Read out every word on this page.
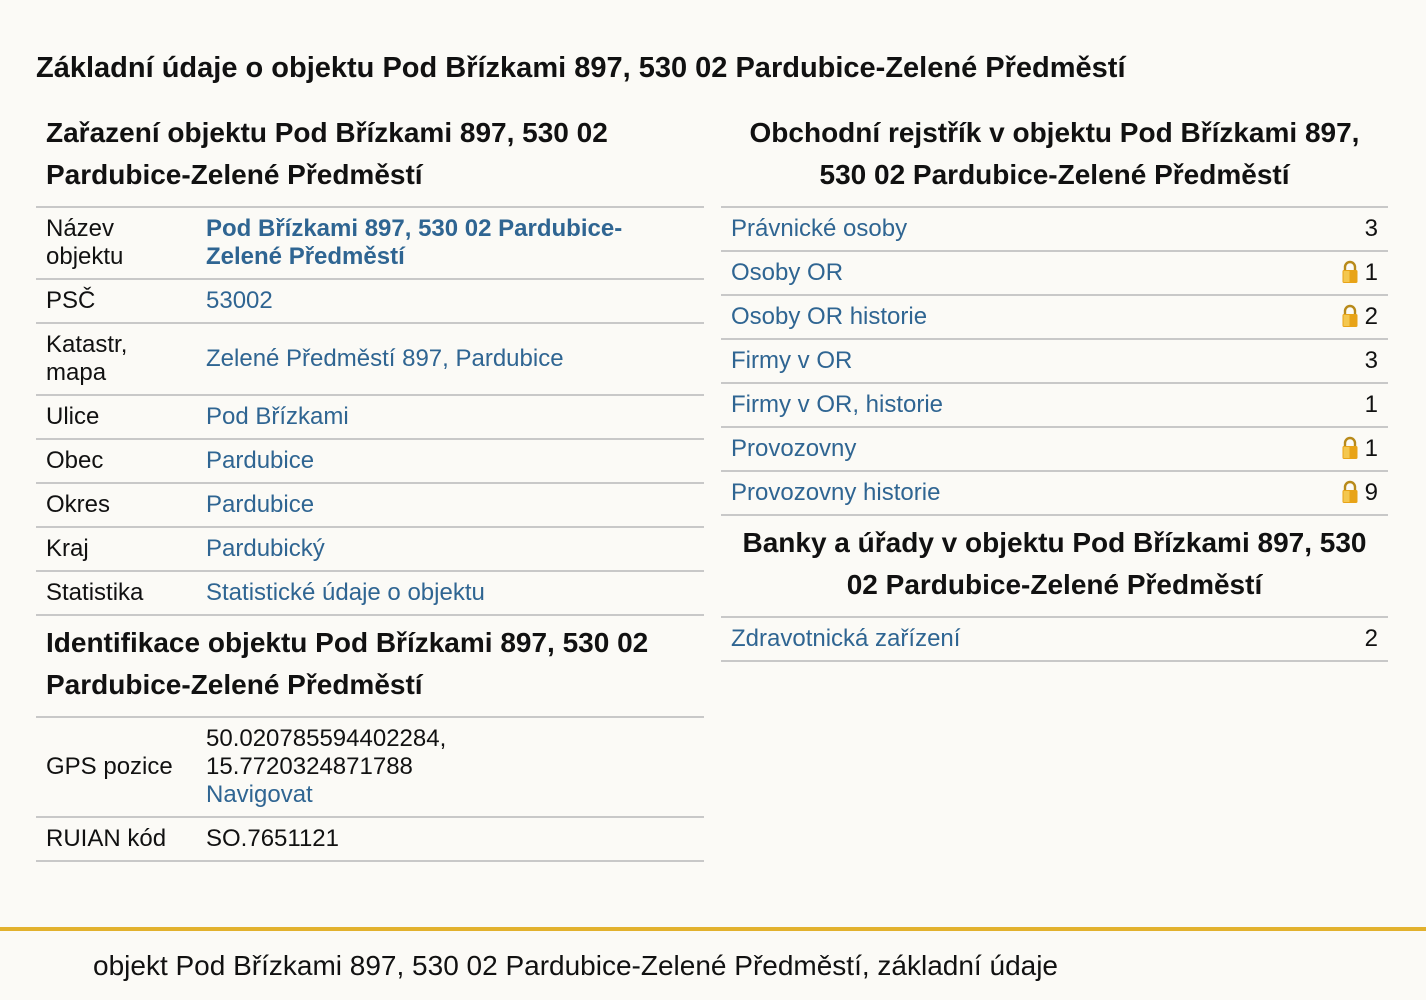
Základní údaje o objektu Pod Břízkami 897, 530 02 Pardubice-Zelené Předměstí
Zařazení objektu Pod Břízkami 897, 530 02 Pardubice-Zelené Předměstí
Název objektu	Pod Břízkami 897, 530 02 Pardubice-Zelené Předměstí
PSČ	53002
Katastr, mapa	Zelené Předměstí 897, Pardubice
Ulice	Pod Břízkami
Obec	Pardubice
Okres	Pardubice
Kraj	Pardubický
Statistika	Statistické údaje o objektu
Identifikace objektu Pod Břízkami 897, 530 02 Pardubice-Zelené Předměstí
GPS pozice	50.020785594402284, 15.7720324871788
Navigovat
RUIAN kód	SO.7651121
Obchodní rejstřík v objektu Pod Břízkami 897, 530 02 Pardubice-Zelené Předměstí
Právnické osoby	3
Osoby OR	1
Osoby OR historie	2
Firmy v OR	3
Firmy v OR, historie	1
Provozovny	1
Provozovny historie	9
Banky a úřady v objektu Pod Břízkami 897, 530 02 Pardubice-Zelené Předměstí
Zdravotnická zařízení	2
objekt Pod Břízkami 897, 530 02 Pardubice-Zelené Předměstí, základní údaje
